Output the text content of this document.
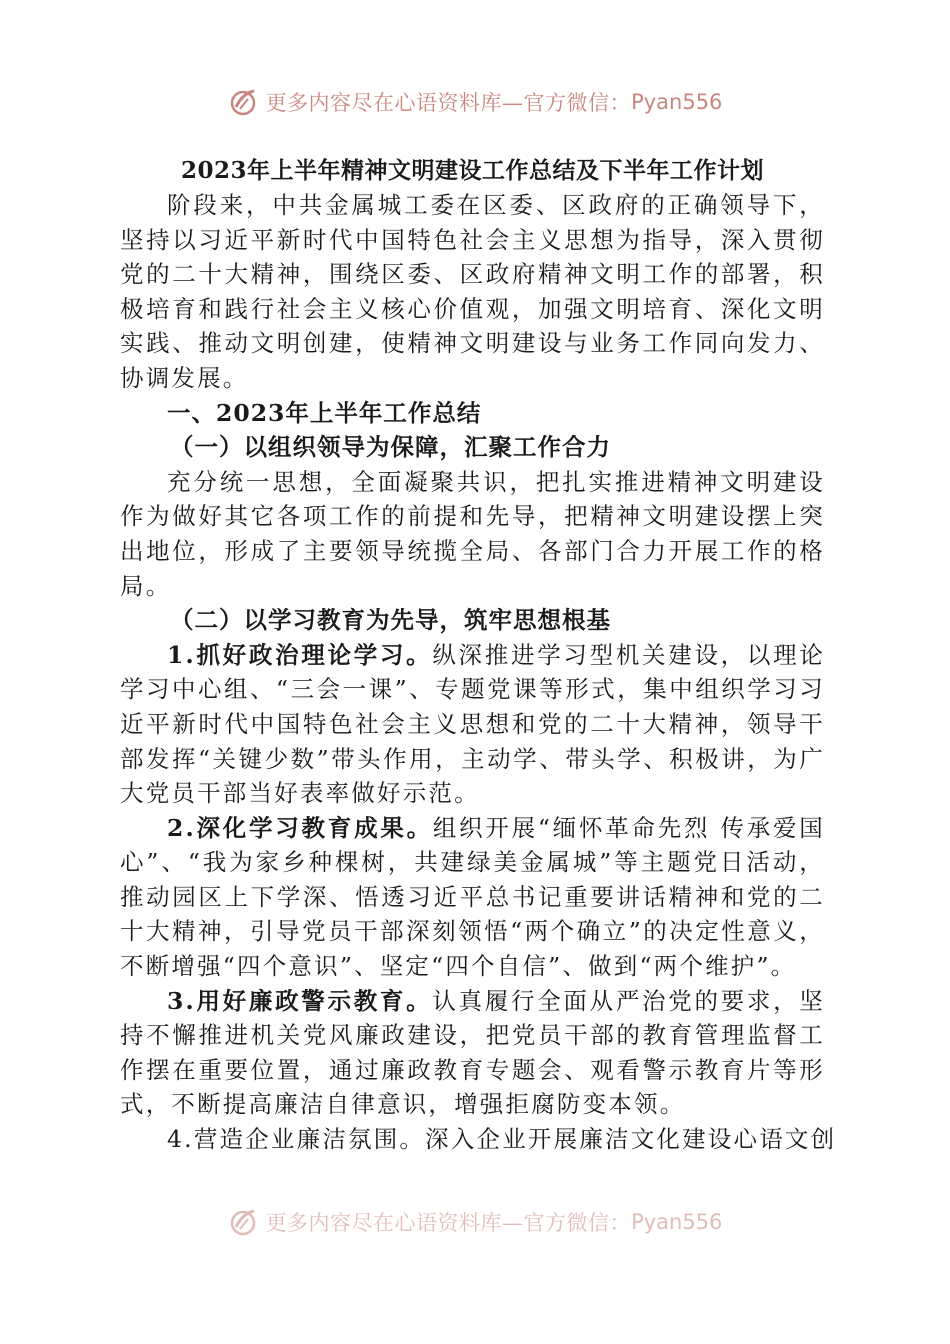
更多内容尽在心语资料库—官方微信： Pyan556

2023年上半年精神文明建设工作总结及下半年工作计划

阶段来，中共金属城工委在区委、区政府的正确领导下，坚持以习近平新时代中国特色社会主义思想为指导，深入贯彻党的二十大精神，围绕区委、区政府精神文明工作的部署，积极培育和践行社会主义核心价值观，加强文明培育、深化文明实践、推动文明创建，使精神文明建设与业务工作同向发力、协调发展。

一、2023年上半年工作总结

（一）以组织领导为保障，汇聚工作合力

充分统一思想，全面凝聚共识，把扎实推进精神文明建设作为做好其它各项工作的前提和先导，把精神文明建设摆上突出地位，形成了主要领导统揽全局、各部门合力开展工作的格局。

（二）以学习教育为先导，筑牢思想根基

1.抓好政治理论学习。纵深推进学习型机关建设，以理论学习中心组、“三会一课”、专题党课等形式，集中组织学习习近平新时代中国特色社会主义思想和党的二十大精神，领导干部发挥“关键少数”带头作用，主动学、带头学、积极讲，为广大党员干部当好表率做好示范。

2.深化学习教育成果。组织开展“缅怀革命先烈 传承爱国心”、“我为家乡种棵树，共建绿美金属城”等主题党日活动，推动园区上下学深、悟透习近平总书记重要讲话精神和党的二十大精神，引导党员干部深刻领悟“两个确立”的决定性意义，不断增强“四个意识”、坚定“四个自信”、做到“两个维护”。

3.用好廉政警示教育。认真履行全面从严治党的要求，坚持不懈推进机关党风廉政建设，把党员干部的教育管理监督工作摆在重要位置，通过廉政教育专题会、观看警示教育片等形式，不断提高廉洁自律意识，增强拒腐防变本领。

4.营造企业廉洁氛围。深入企业开展廉洁文化建设心语文创

更多内容尽在心语资料库—官方微信： Pyan556
